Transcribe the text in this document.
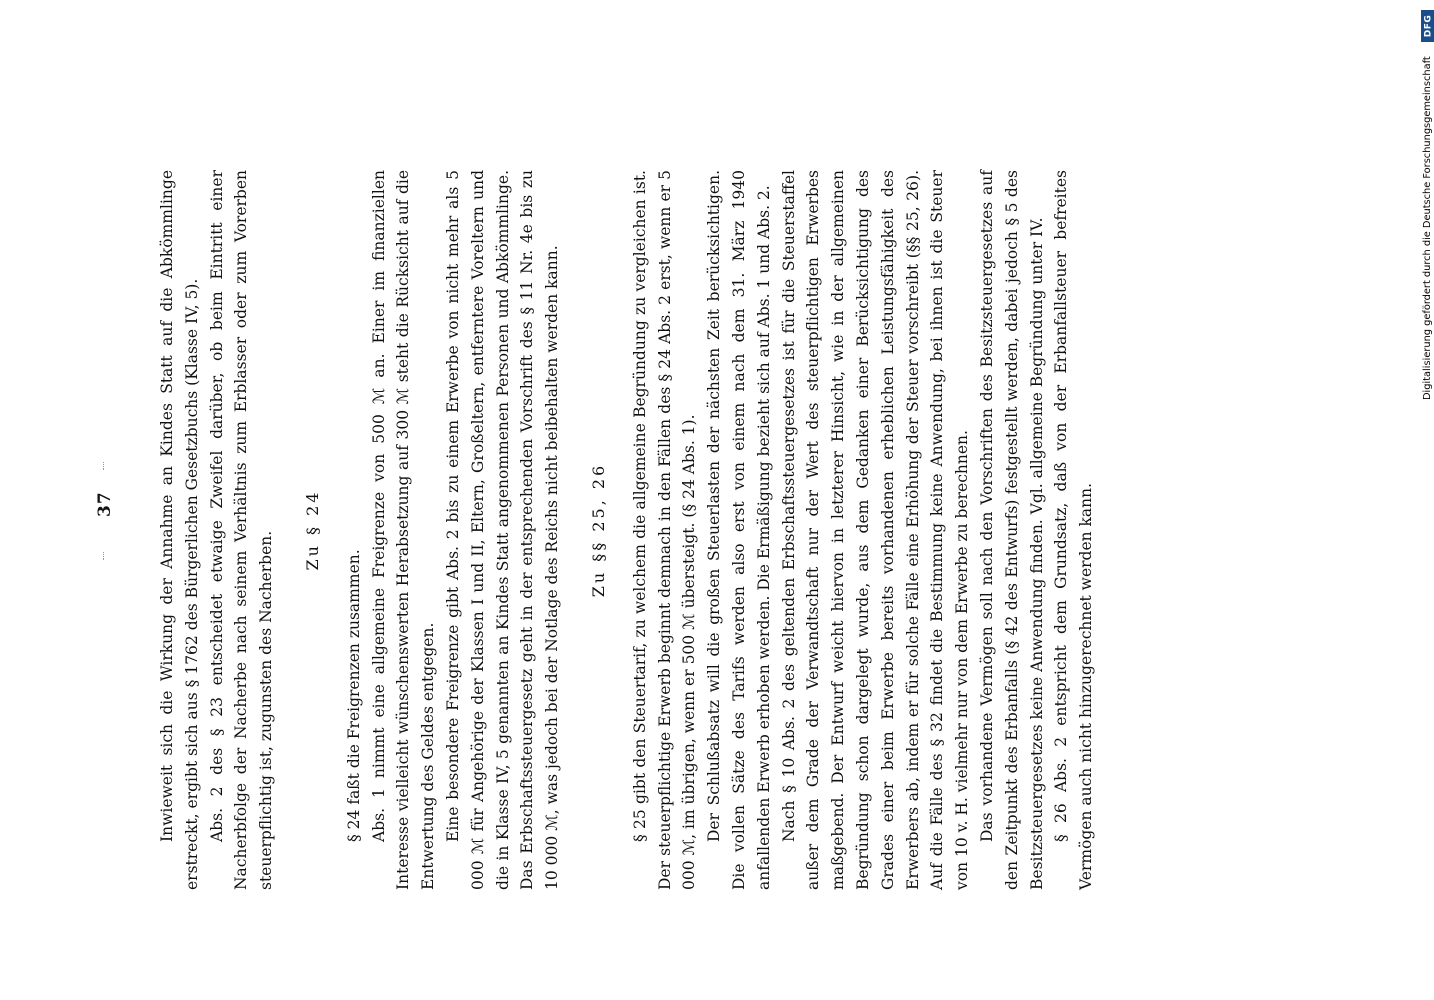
37	Inwieweit sich die Wirkung der Annahme an Kindes Statt auf die Abkömmlinge erstreckt, ergibt sich aus § 1762 des Bürgerlichen Gesetzbuchs (Klasse IV, 5). Abs. 2 des § 23 entscheidet etwaige Zweifel darüber, ob beim Eintritt einer Nacherbfolge der Nacherbe nach seinem Verhältnis zum Erblasser oder zum Vorerben steuerpflichtig ist, zugunsten des Nacherben.

Zu § 24

§ 24 faßt die Freigrenzen zusammen. Abs. 1 nimmt eine allgemeine Freigrenze von 500 ℳ an. Einer im finanziellen Interesse vielleicht wünschenswerten Herabsetzung auf 300 ℳ steht die Rücksicht auf die Entwertung des Geldes entgegen. Eine besondere Freigrenze gibt Abs. 2 bis zu einem Erwerbe von nicht mehr als 5 000 ℳ für Angehörige der Klassen I und II, Eltern, Großeltern, entferntere Voreltern und die in Klasse IV, 5 genannten an Kindes Statt angenommenen Personen und Abkömmlinge. Das Erbschaftssteuergesetz geht in der entsprechenden Vorschrift des § 11 Nr. 4e bis zu 10 000 ℳ, was jedoch bei der Notlage des Reichs nicht beibehalten werden kann. Zu §§ 25, 26 § 25 gibt den Steuertarif, zu welchem die allgemeine Begründung zu vergleichen ist. Der steuerpflichtige Erwerb beginnt demnach in den Fällen des § 24 Abs. 2 erst, wenn er 5 000 ℳ, im übrigen, wenn er 500 ℳ übersteigt. (§ 24 Abs. 1). Der Schlußabsatz will die großen Steuerlasten der nächsten Zeit berücksichtigen. Die vollen Sätze des Tarifs werden also erst von einem nach dem 31. März 1940 anfallenden Erwerb erhoben werden. Die Ermäßigung bezieht sich auf Abs. 1 und Abs. 2. Nach § 10 Abs. 2 des geltenden Erbschaftssteuergesetzes ist für die Steuerstaffel außer dem Grade der Verwandtschaft nur der Wert des steuerpflichtigen Erwerbes maßgebend. Der Entwurf weicht hiervon in letzterer Hinsicht, wie in der allgemeinen Begründung schon dargelegt wurde, aus dem Gedanken einer Berücksichtigung des Grades einer beim Erwerbe bereits vorhandenen erheblichen Leistungsfähigkeit des Erwerbers ab, indem er für solche Fälle eine Erhöhung der Steuer vorschreibt (§§ 25, 26). Auf die Fälle des § 32 findet die Bestimmung keine Anwendung, bei ihnen ist die Steuer von 10 v. H. vielmehr nur von dem Erwerbe zu berechnen. Das vorhandene Vermögen soll nach den Vorschriften des Besitzsteuergesetzes auf den Zeitpunkt des Erbanfalls (§ 42 des Entwurfs) festgestellt werden, dabei jedoch § 5 des Besitzsteuergesetzes keine Anwendung finden. Vgl. allgemeine Begründung unter IV. § 26 Abs. 2 entspricht dem Grundsatz, daß von der Erbanfallsteuer befreites Vermögen auch nicht hinzugerechnet werden kann.

DFG
Digitalisierung gefördert durch die Deutsche Forschungsgemeinschaft
